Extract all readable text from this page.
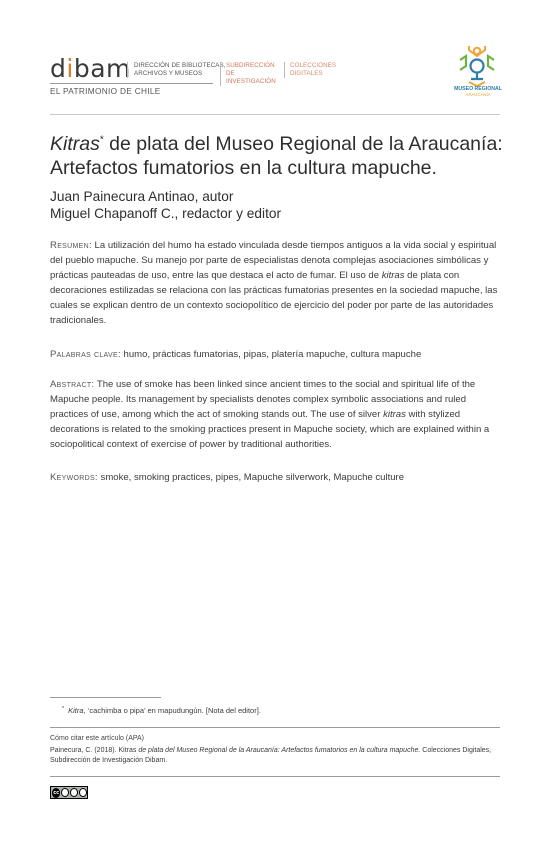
dibam DIRECCIÓN DE BIBLIOTECAS, ARCHIVOS Y MUSEOS
SUBDIRECCIÓN DE INVESTIGACIÓN
COLECCIONES DIGITALES
EL PATRIMONIO DE CHILE	MUSEO REGIONAL
ARAUCANÍA
Kitras* de plata del Museo Regional de la Araucanía:
Artefactos fumatorios en la cultura mapuche.
Juan Painecura Antinao, autor
Miguel Chapanoff C., redactor y editor
Resumen: La utilización del humo ha estado vinculada desde tiempos antiguos a la vida social y espiritual del pueblo mapuche. Su manejo por parte de especialistas denota complejas asociaciones simbólicas y prácticas pauteadas de uso, entre las que destaca el acto de fumar. El uso de kitras de plata con decoraciones estilizadas se relaciona con las prácticas fumatorias presentes en la sociedad mapuche, las cuales se explican dentro de un contexto sociopolítico de ejercicio del poder por parte de las autoridades tradicionales.
Palabras clave: humo, prácticas fumatorias, pipas, platería mapuche, cultura mapuche
Abstract: The use of smoke has been linked since ancient times to the social and spiritual life of the Mapuche people. Its management by specialists denotes complex symbolic associations and ruled practices of use, among which the act of smoking stands out. The use of silver kitras with stylized decorations is related to the smoking practices present in Mapuche society, which are explained within a sociopolitical context of exercise of power by traditional authorities.
Keywords: smoke, smoking practices, pipes, Mapuche silverwork, Mapuche culture
* Kitra, ‘cachimba o pipa’ en mapudungún. [Nota del editor].
Cómo citar este artículo (APA)
Painecura, C. (2018). Kitras de plata del Museo Regional de la Araucanía: Artefactos fumatorios en la cultura mapuche. Colecciones Digitales, Subdirección de Investigación Dibam.
cc
